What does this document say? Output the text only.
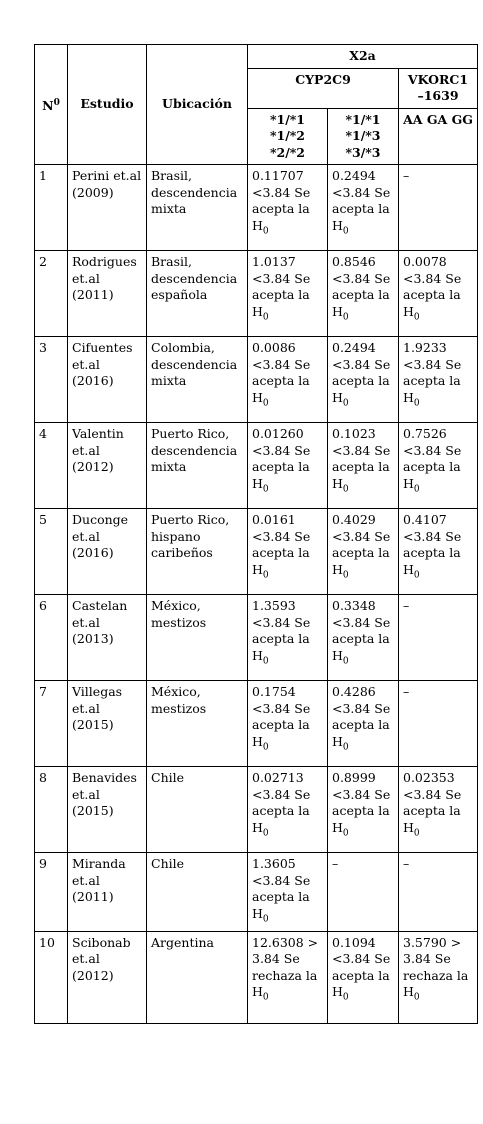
$N^0$	Estudio	Ubicación	X2a		
			CYP2C9		VKORC1 –1639
			*1/*1 *1/*2 *2/*2	*1/*1 *1/*3 *3/*3	AA GA GG
1	Perini et.al (2009)	Brasil, descendencia mixta	0.11707 <3.84 Se acepta la $H_0$	0.2494 <3.84 Se acepta la $H_0$	–
2	Rodrigues et.al (2011)	Brasil, descendencia española	1.0137 <3.84 Se acepta la $H_0$	0.8546 <3.84 Se acepta la $H_0$	0.0078 <3.84 Se acepta la $H_0$
3	Cifuentes et.al (2016)	Colombia, descendencia mixta	0.0086 <3.84 Se acepta la $H_0$	0.2494 <3.84 Se acepta la $H_0$	1.9233 <3.84 Se acepta la $H_0$
4	Valentin et.al (2012)	Puerto Rico, descendencia mixta	0.01260 <3.84 Se acepta la $H_0$	0.1023 <3.84 Se acepta la $H_0$	0.7526 <3.84 Se acepta la $H_0$
5	Duconge et.al (2016)	Puerto Rico, hispano caribeños	0.0161 <3.84 Se acepta la $H_0$	0.4029 <3.84 Se acepta la $H_0$	0.4107 <3.84 Se acepta la $H_0$
6	Castelan et.al (2013)	México, mestizos	1.3593 <3.84 Se acepta la $H_0$	0.3348 <3.84 Se acepta la $H_0$	–
7	Villegas et.al (2015)	México, mestizos	0.1754 <3.84 Se acepta la $H_0$	0.4286 <3.84 Se acepta la $H_0$	–
8	Benavides et.al (2015)	Chile	0.02713 <3.84 Se acepta la $H_0$	0.8999 <3.84 Se acepta la $H_0$	0.02353 <3.84 Se acepta la $H_0$
9	Miranda et.al (2011)	Chile	1.3605 <3.84 Se acepta la $H_0$	–	–
10	Scibonab et.al (2012)	Argentina	12.6308 > 3.84 Se rechaza la $H_0$	0.1094 <3.84 Se acepta la $H_0$	3.5790 > 3.84 Se rechaza la $H_0$
